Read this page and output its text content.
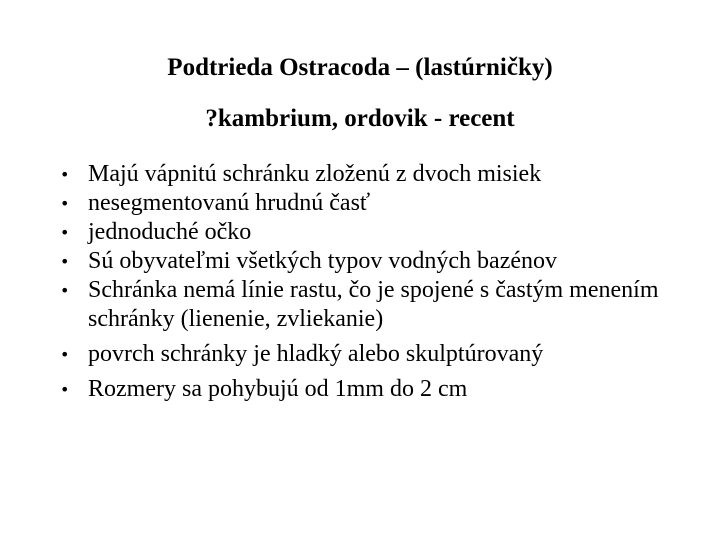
Podtrieda Ostracoda – (lastúrničky)
?kambrium, ordovik - recent
• Majú vápnitú schránku zloženú z dvoch misiek
• nesegmentovanú hrudnú časť
• jednoduché očko
• Sú obyvateľmi všetkých typov vodných bazénov
• Schránka nemá línie rastu, čo je spojené s častým menením schránky (lienenie, zvliekanie)
• povrch schránky je hladký alebo skulptúrovaný
• Rozmery sa pohybujú od 1mm do 2 cm
